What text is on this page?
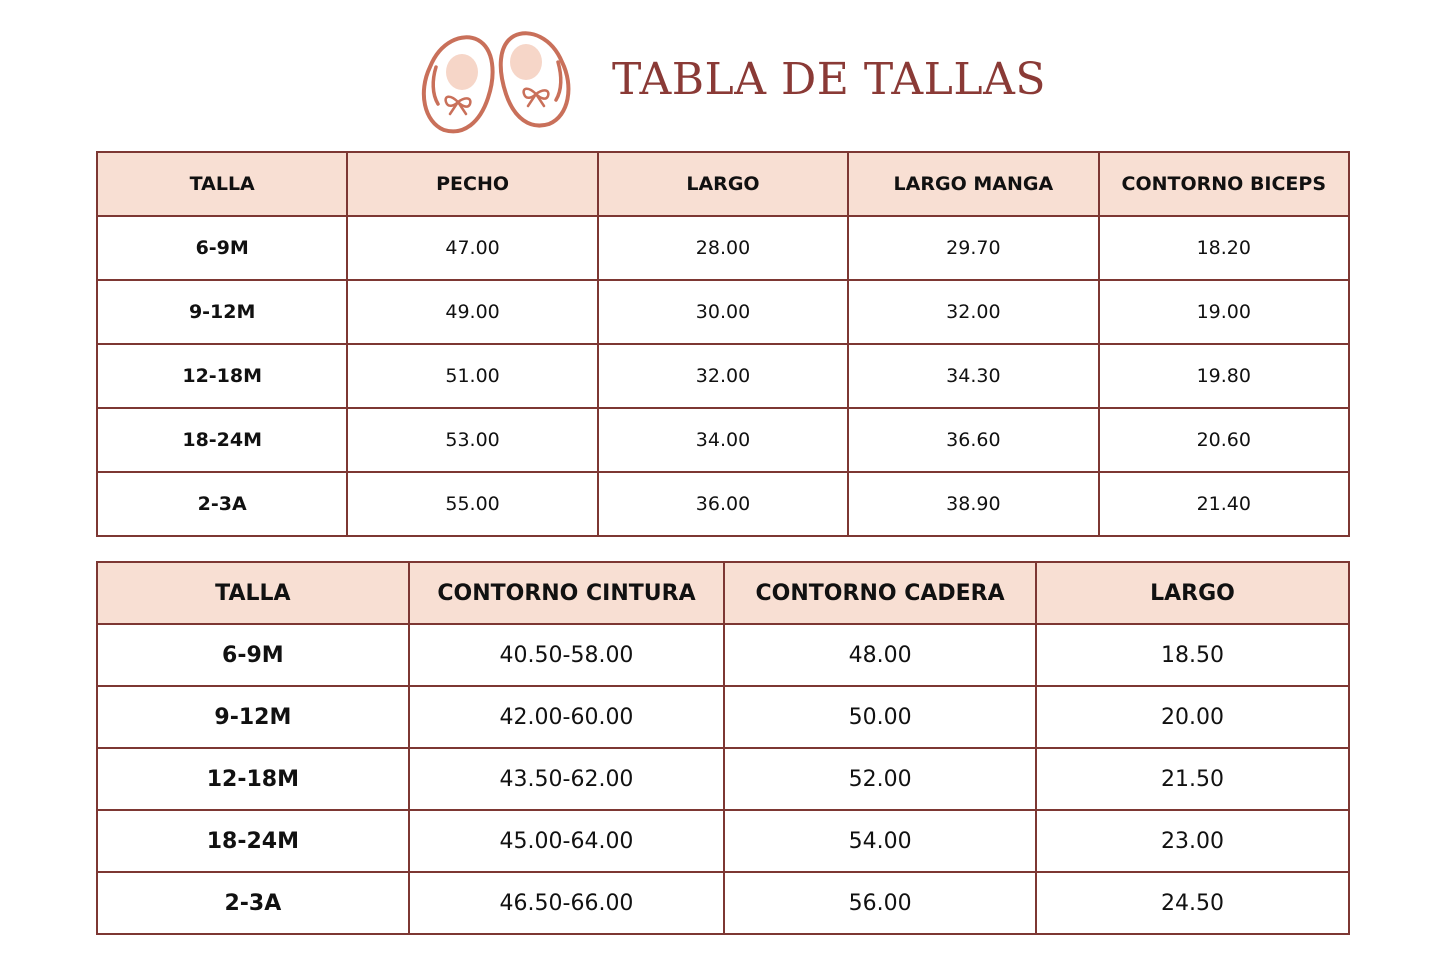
TABLA DE TALLAS
TALLA	PECHO	LARGO	LARGO MANGA	CONTORNO BICEPS
6-9M	47.00	28.00	29.70	18.20
9-12M	49.00	30.00	32.00	19.00
12-18M	51.00	32.00	34.30	19.80
18-24M	53.00	34.00	36.60	20.60
2-3A	55.00	36.00	38.90	21.40
TALLA	CONTORNO CINTURA	CONTORNO CADERA	LARGO
6-9M	40.50-58.00	48.00	18.50
9-12M	42.00-60.00	50.00	20.00
12-18M	43.50-62.00	52.00	21.50
18-24M	45.00-64.00	54.00	23.00
2-3A	46.50-66.00	56.00	24.50
